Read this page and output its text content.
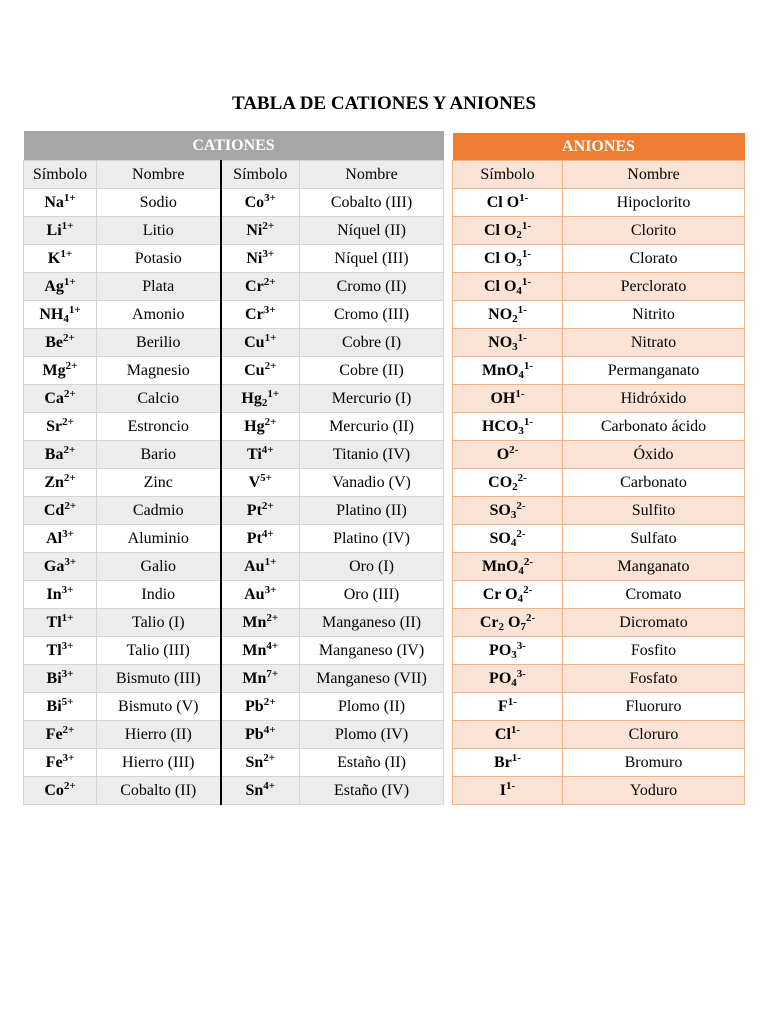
TABLA DE CATIONES Y ANIONES
CATIONES			
Símbolo	Nombre	Símbolo	Nombre
$Na^{1+}$	Sodio	$Co^{3+}$	Cobalto (III)
$Li^{1+}$	Litio	$Ni^{2+}$	Níquel (II)
$K^{1+}$	Potasio	$Ni^{3+}$	Níquel (III)
$Ag^{1+}$	Plata	$Cr^{2+}$	Cromo (II)
$NH_4^{1+}$	Amonio	$Cr^{3+}$	Cromo (III)
$Be^{2+}$	Berilio	$Cu^{1+}$	Cobre (I)
$Mg^{2+}$	Magnesio	$Cu^{2+}$	Cobre (II)
$Ca^{2+}$	Calcio	$Hg_2^{1+}$	Mercurio (I)
$Sr^{2+}$	Estroncio	$Hg^{2+}$	Mercurio (II)
$Ba^{2+}$	Bario	$Ti^{4+}$	Titanio (IV)
$Zn^{2+}$	Zinc	$V^{5+}$	Vanadio (V)
$Cd^{2+}$	Cadmio	$Pt^{2+}$	Platino (II)
$Al^{3+}$	Aluminio	$Pt^{4+}$	Platino (IV)
$Ga^{3+}$	Galio	$Au^{1+}$	Oro (I)
$In^{3+}$	Indio	$Au^{3+}$	Oro (III)
$Tl^{1+}$	Talio (I)	$Mn^{2+}$	Manganeso (II)
$Tl^{3+}$	Talio (III)	$Mn^{4+}$	Manganeso (IV)
$Bi^{3+}$	Bismuto (III)	$Mn^{7+}$	Manganeso (VII)
$Bi^{5+}$	Bismuto (V)	$Pb^{2+}$	Plomo (II)
$Fe^{2+}$	Hierro (II)	$Pb^{4+}$	Plomo (IV)
$Fe^{3+}$	Hierro (III)	$Sn^{2+}$	Estaño (II)
$Co^{2+}$	Cobalto (II)	$Sn^{4+}$	Estaño (IV)
ANIONES	
Símbolo	Nombre
Cl $O^{1-}$	Hipoclorito
Cl $O_2^{1-}$	Clorito
Cl $O_3^{1-}$	Clorato
Cl $O_4^{1-}$	Perclorato
$NO_2^{1-}$	Nitrito
$NO_3^{1-}$	Nitrato
MnO$_4^{1-}$	Permanganato
$OH^{1-}$	Hidróxido
$HCO_3^{1-}$	Carbonato ácido
$O^{2-}$	Óxido
$CO_2^{2-}$	Carbonato
$SO_3^{2-}$	Sulfito
$SO_4^{2-}$	Sulfato
MnO$_4^{2-}$	Manganato
Cr $O_4^{2-}$	Cromato
$Cr_2$ $O_7^{2-}$	Dicromato
$PO_3^{3-}$	Fosfito
$PO_4^{3-}$	Fosfato
$F^{1-}$	Fluoruro
$Cl^{1-}$	Cloruro
$Br^{1-}$	Bromuro
$I^{1-}$	Yoduro
